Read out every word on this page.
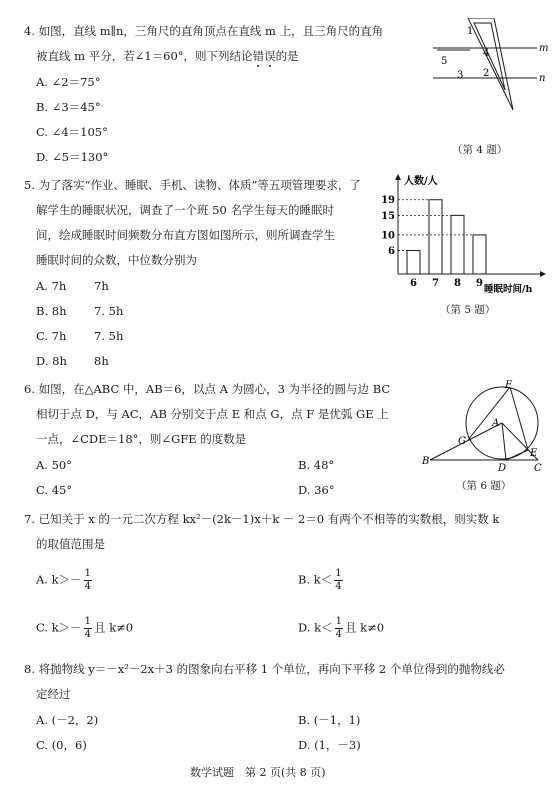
4. 如图，直线 m∥n，三角尺的直角顶点在直线 m 上，且三角尺的直角
被直线 m 平分，若∠1＝60°，则下列结论错
误
的是
A. ∠2＝75°
B. ∠3＝45°
C. ∠4＝105°
D. ∠5＝130°
1
4
5
3 2
m
n
（第 4 题）
5. 为了落实“作业、睡眠、手机、读物、体质”等五项管理要求，了
解学生的睡眠状况，调查了一个班 50 名学生每天的睡眠时
间，绘成睡眠时间频数分布直方图如图所示，则所调查学生
睡眠时间的众数，中位数分别为
A. 7h 7h
B. 8h 7. 5h
C. 7h 7. 5h
D. 8h 8h
人数/人
睡眠时间/h
6 7 8 9
6
10
15
19
（第 5 题）
6. 如图，在△ABC 中，AB＝6，以点 A 为圆心，3 为半径的圆与边 BC
相切于点 D，与 AC，AB 分别交于点 E 和点 G，点 F 是优弧 GE 上
一点，∠CDE＝18°，则∠GFE 的度数是
A. 50°	B. 48°
C. 45°	D. 36°
F
A
G
B
D
E
C
（第 6 题）
7. 已知关于 x 的一元二次方程 kx²－(2k－1)x＋k － 2＝0 有两个不相等的实数根，则实数 k
的取值范围是
A. $k>- \frac{1}{4}$	B. $k< \frac{1}{4}$
C. $k>- \frac{1}{4}$ 且 k≠0	D. $k< \frac{1}{4}$ 且 k≠0
8. 将抛物线 y＝－x²－2x＋3 的图象向右平移 1 个单位，再向下平移 2 个单位得到的抛物线必
定经过
A. (－2，2)	B. (－1，1)
C. (0，6)	D. (1，－3)
数学试题　第 2 页(共 8 页)
